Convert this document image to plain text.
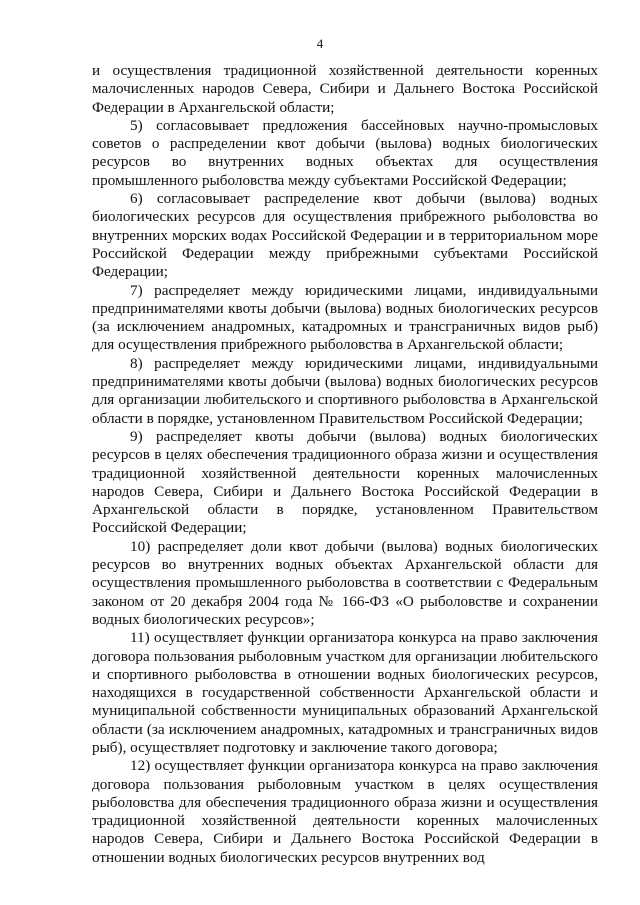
4

и осуществления традиционной хозяйственной деятельности коренных малочисленных народов Севера, Сибири и Дальнего Востока Российской Федерации в Архангельской области;

5) согласовывает предложения бассейновых научно-промысловых советов о распределении квот добычи (вылова) водных биологических ресурсов во внутренних водных объектах для осуществления промышленного рыболовства между субъектами Российской Федерации;

6) согласовывает распределение квот добычи (вылова) водных биологических ресурсов для осуществления прибрежного рыболовства во внутренних морских водах Российской Федерации и в территориальном море Российской Федерации между прибрежными субъектами Российской Федерации;

7) распределяет между юридическими лицами, индивидуальными предпринимателями квоты добычи (вылова) водных биологических ресурсов (за исключением анадромных, катадромных и трансграничных видов рыб) для осуществления прибрежного рыболовства в Архангельской области;

8) распределяет между юридическими лицами, индивидуальными предпринимателями квоты добычи (вылова) водных биологических ресурсов для организации любительского и спортивного рыболовства в Архангельской области в порядке, установленном Правительством Российской Федерации;

9) распределяет квоты добычи (вылова) водных биологических ресурсов в целях обеспечения традиционного образа жизни и осуществления традиционной хозяйственной деятельности коренных малочисленных народов Севера, Сибири и Дальнего Востока Российской Федерации в Архангельской области в порядке, установленном Правительством Российской Федерации;

10) распределяет доли квот добычи (вылова) водных биологических ресурсов во внутренних водных объектах Архангельской области для осуществления промышленного рыболовства в соответствии с Федеральным законом от 20 декабря 2004 года № 166-ФЗ «О рыболовстве и сохранении водных биологических ресурсов»;

11) осуществляет функции организатора конкурса на право заключения договора пользования рыболовным участком для организации любительского и спортивного рыболовства в отношении водных биологических ресурсов, находящихся в государственной собственности Архангельской области и муниципальной собственности муниципальных образований Архангельской области (за исключением анадромных, катадромных и трансграничных видов рыб), осуществляет подготовку и заключение такого договора;

12) осуществляет функции организатора конкурса на право заключения договора пользования рыболовным участком в целях осуществления рыболовства для обеспечения традиционного образа жизни и осуществления традиционной хозяйственной деятельности коренных малочисленных народов Севера, Сибири и Дальнего Востока Российской Федерации в отношении водных биологических ресурсов внутренних вод
